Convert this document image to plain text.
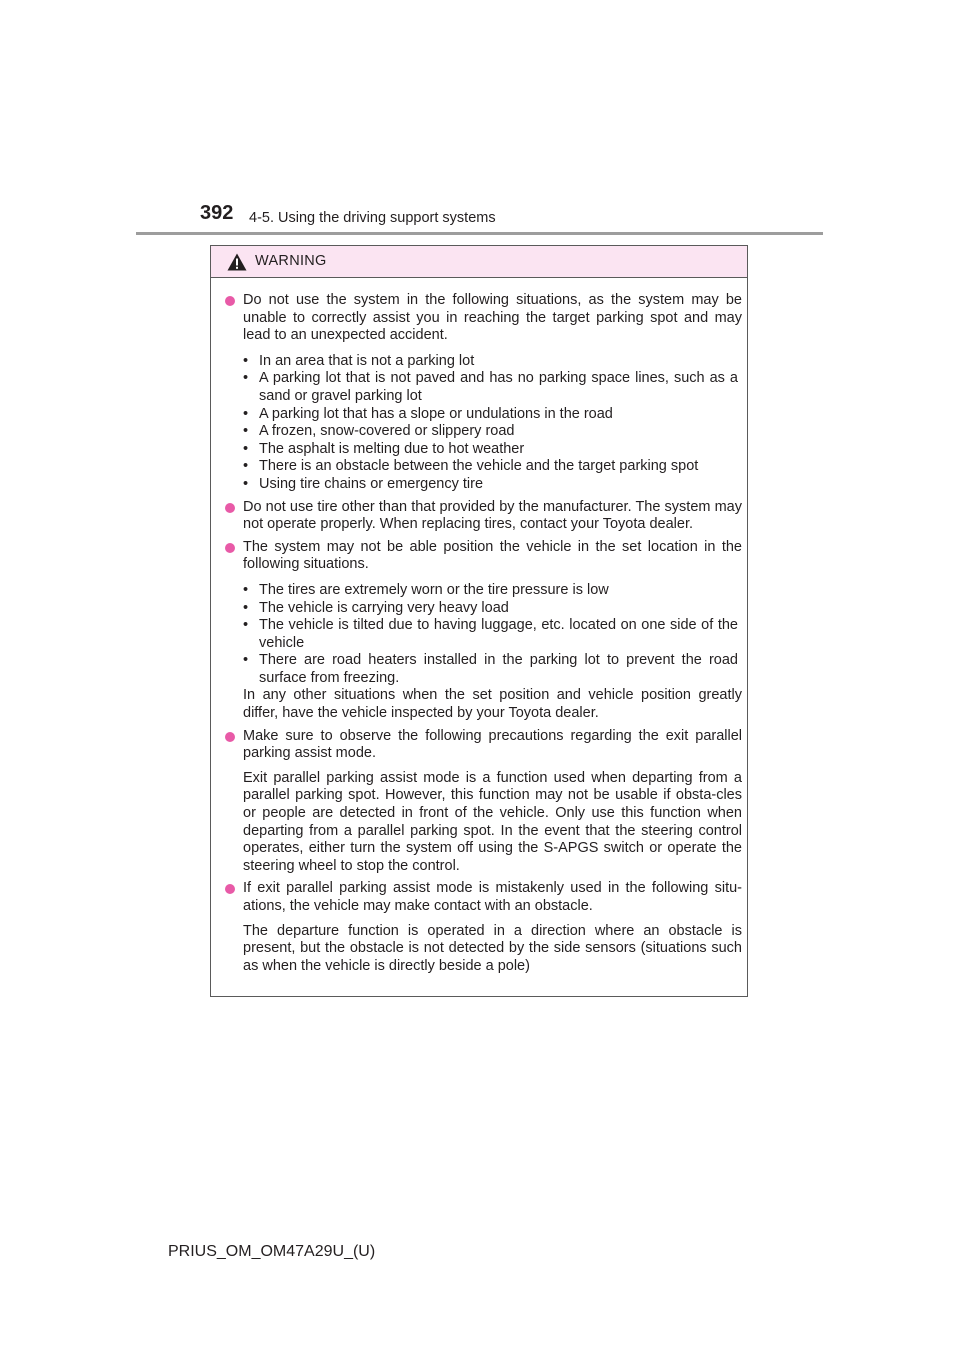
392 4-5. Using the driving support systems
WARNING

Do not use the system in the following situations, as the system may be unable to correctly assist you in reaching the target parking spot and may lead to an unexpected accident.

• In an area that is not a parking lot
• A parking lot that is not paved and has no parking space lines, such as a sand or gravel parking lot
• A parking lot that has a slope or undulations in the road
• A frozen, snow-covered or slippery road
• The asphalt is melting due to hot weather
• There is an obstacle between the vehicle and the target parking spot
• Using tire chains or emergency tire

Do not use tire other than that provided by the manufacturer. The system may not operate properly. When replacing tires, contact your Toyota dealer.

The system may not be able position the vehicle in the set location in the following situations.

• The tires are extremely worn or the tire pressure is low
• The vehicle is carrying very heavy load
• The vehicle is tilted due to having luggage, etc. located on one side of the vehicle
• There are road heaters installed in the parking lot to prevent the road surface from freezing.

In any other situations when the set position and vehicle position greatly differ, have the vehicle inspected by your Toyota dealer.

Make sure to observe the following precautions regarding the exit parallel parking assist mode.

Exit parallel parking assist mode is a function used when departing from a parallel parking spot. However, this function may not be usable if obsta-cles or people are detected in front of the vehicle. Only use this function when departing from a parallel parking spot. In the event that the steering control operates, either turn the system off using the S-APGS switch or operate the steering wheel to stop the control.

If exit parallel parking assist mode is mistakenly used in the following situ-ations, the vehicle may make contact with an obstacle.

The departure function is operated in a direction where an obstacle is present, but the obstacle is not detected by the side sensors (situations such as when the vehicle is directly beside a pole)

PRIUS_OM_OM47A29U_(U)
